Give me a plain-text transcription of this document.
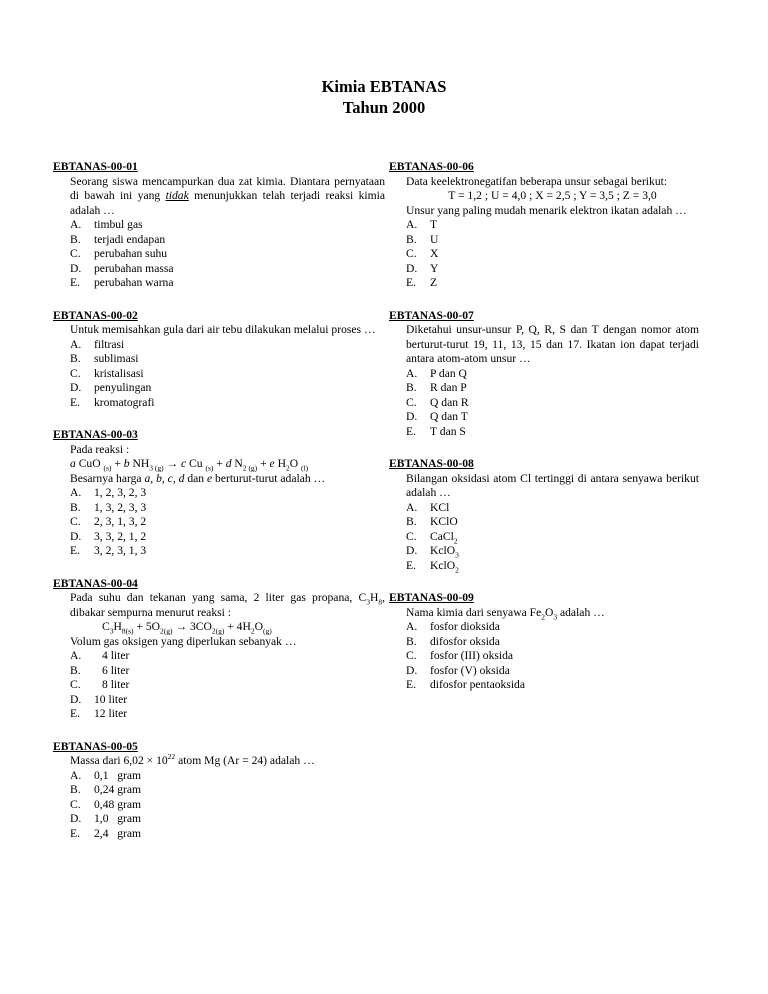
Kimia EBTANAS
Tahun 2000
EBTANAS-00-01
Seorang siswa mencampurkan dua zat kimia. Diantara pernyataan di bawah ini yang tidak menunjukkan telah terjadi reaksi kimia adalah …
A.	timbul gas
B.	terjadi endapan
C.	perubahan suhu
D.	perubahan massa
E.	perubahan warna
EBTANAS-00-02
Untuk memisahkan gula dari air tebu dilakukan melalui proses …
A.	filtrasi
B.	sublimasi
C.	kristalisasi
D.	penyulingan
E.	kromatografi
EBTANAS-00-03
Pada reaksi :
a CuO $_{(s)}$ + b $NH_3$ $_{(g)}$ → c Cu $_{(s)}$ + d $N_2$ $_{(g)}$ + e $H_2O$ $_{(l)}$
Besarnya harga a, b, c, d dan e berturut-turut adalah …
A.	1, 2, 3, 2, 3
B.	1, 3, 2, 3, 3
C.	2, 3, 1, 3, 2
D.	3, 3, 2, 1, 2
E.	3, 2, 3, 1, 3
EBTANAS-00-04
Pada suhu dan tekanan yang sama, 2 liter gas propana, $C_3H_8$, dibakar sempurna menurut reaksi :
$C_3H_{8(s)} + 5O_{2(g)} \to 3CO_{2(g)} + 4H_2O_{(g)}$
Volum gas oksigen yang diperlukan sebanyak …
A.	4 liter
B.	6 liter
C.	8 liter
D.	10 liter
E.	12 liter
EBTANAS-00-05
Massa dari $6,02 \times 10^{22}$ atom Mg (Ar = 24) adalah …
A.	0,1   gram
B.	0,24 gram
C.	0,48 gram
D.	1,0   gram
E.	2,4   gram
EBTANAS-00-06
Data keelektronegatifan beberapa unsur sebagai berikut:
T = 1,2 ; U = 4,0 ; X = 2,5 ; Y = 3,5 ; Z = 3,0
Unsur yang paling mudah menarik elektron ikatan adalah …
A.	T
B.	U
C.	X
D.	Y
E.	Z
EBTANAS-00-07
Diketahui unsur-unsur P, Q, R, S dan T dengan nomor atom berturut-turut 19, 11, 13, 15 dan 17. Ikatan ion dapat terjadi antara atom-atom unsur …
A.	P dan Q
B.	R dan P
C.	Q dan R
D.	Q dan T
E.	T dan S
EBTANAS-00-08
Bilangan oksidasi atom Cl tertinggi di antara senyawa berikut adalah …
A.	KCl
B.	KClO
C.	CaCl$_2$
D.	KclO$_3$
E.	KclO$_2$
EBTANAS-00-09
Nama kimia dari senyawa $Fe_2O_3$ adalah …
A.	fosfor dioksida
B.	difosfor oksida
C.	fosfor (III) oksida
D.	fosfor (V) oksida
E.	difosfor pentaoksida
